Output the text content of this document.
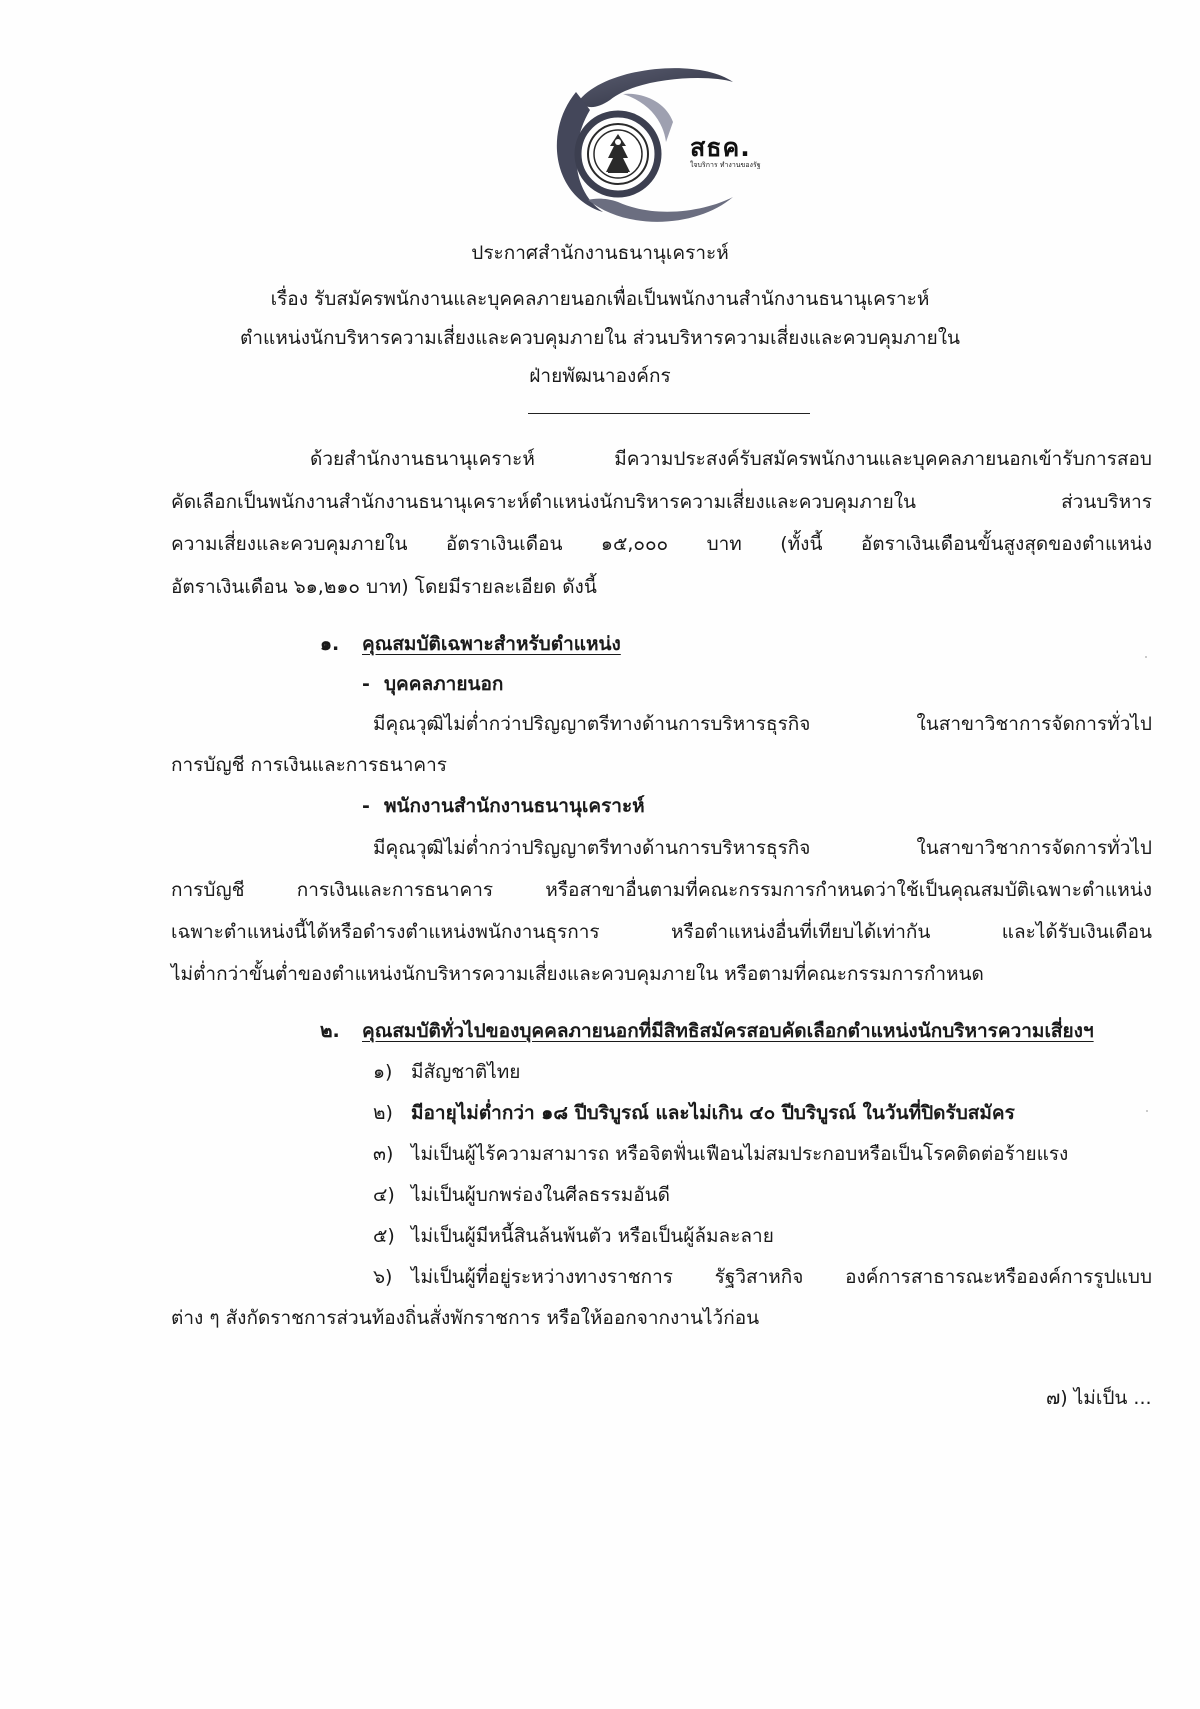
สธค.
ใจบริการ ทำงานของรัฐ
ประกาศสำนักงานธนานุเคราะห์
เรื่อง รับสมัครพนักงานและบุคคลภายนอกเพื่อเป็นพนักงานสำนักงานธนานุเคราะห์
ตำแหน่งนักบริหารความเสี่ยงและควบคุมภายใน ส่วนบริหารความเสี่ยงและควบคุมภายใน
ฝ่ายพัฒนาองค์กร
ด้วยสำนักงานธนานุเคราะห์ มีความประสงค์รับสมัครพนักงานและบุคคลภายนอกเข้ารับการสอบ
คัดเลือกเป็นพนักงานสำนักงานธนานุเคราะห์ตำแหน่งนักบริหารความเสี่ยงและควบคุมภายใน ส่วนบริหาร
ความเสี่ยงและควบคุมภายใน อัตราเงินเดือน ๑๕,๐๐๐ บาท (ทั้งนี้ อัตราเงินเดือนขั้นสูงสุดของตำแหน่ง
อัตราเงินเดือน ๖๑,๒๑๐ บาท) โดยมีรายละเอียด ดังนี้
๑. คุณสมบัติเฉพาะสำหรับตำแหน่ง
- บุคคลภายนอก
มีคุณวุฒิไม่ต่ำกว่าปริญญาตรีทางด้านการบริหารธุรกิจ ในสาขาวิชาการจัดการทั่วไป
การบัญชี การเงินและการธนาคาร
- พนักงานสำนักงานธนานุเคราะห์
มีคุณวุฒิไม่ต่ำกว่าปริญญาตรีทางด้านการบริหารธุรกิจ ในสาขาวิชาการจัดการทั่วไป
การบัญชี การเงินและการธนาคาร หรือสาขาอื่นตามที่คณะกรรมการกำหนดว่าใช้เป็นคุณสมบัติเฉพาะตำแหน่ง
เฉพาะตำแหน่งนี้ได้หรือดำรงตำแหน่งพนักงานธุรการ หรือตำแหน่งอื่นที่เทียบได้เท่ากัน และได้รับเงินเดือน
ไม่ต่ำกว่าขั้นต่ำของตำแหน่งนักบริหารความเสี่ยงและควบคุมภายใน หรือตามที่คณะกรรมการกำหนด
๒. คุณสมบัติทั่วไปของบุคคลภายนอกที่มีสิทธิสมัครสอบคัดเลือกตำแหน่งนักบริหารความเสี่ยงฯ
๑) มีสัญชาติไทย
๒) มีอายุไม่ต่ำกว่า ๑๘ ปีบริบูรณ์ และไม่เกิน ๔๐ ปีบริบูรณ์ ในวันที่ปิดรับสมัคร
๓) ไม่เป็นผู้ไร้ความสามารถ หรือจิตฟั่นเฟือนไม่สมประกอบหรือเป็นโรคติดต่อร้ายแรง
๔) ไม่เป็นผู้บกพร่องในศีลธรรมอันดี
๕) ไม่เป็นผู้มีหนี้สินล้นพ้นตัว หรือเป็นผู้ล้มละลาย
๖) ไม่เป็นผู้ที่อยู่ระหว่างทางราชการ รัฐวิสาหกิจ องค์การสาธารณะหรือองค์การรูปแบบ
ต่าง ๆ สังกัดราชการส่วนท้องถิ่นสั่งพักราชการ หรือให้ออกจากงานไว้ก่อน
๗) ไม่เป็น ...
